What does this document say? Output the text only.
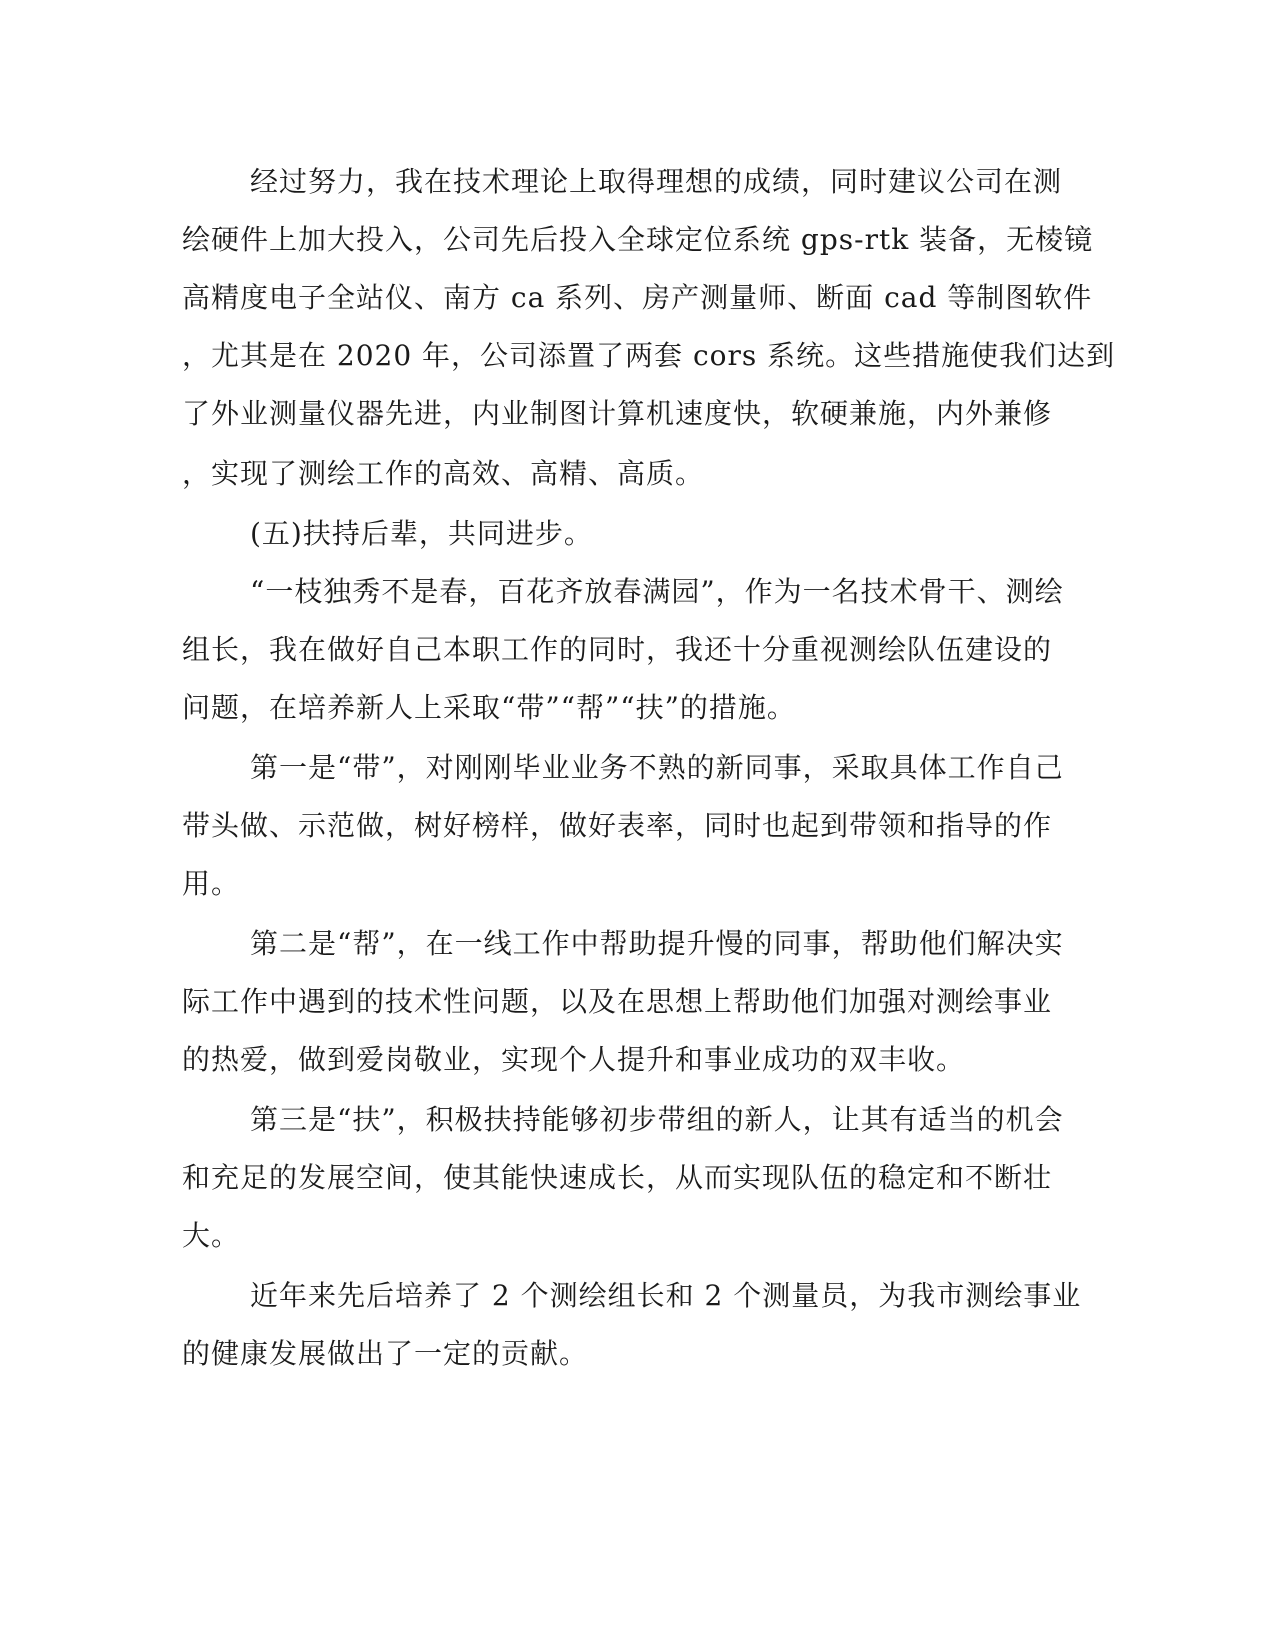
经过努力，我在技术理论上取得理想的成绩，同时建议公司在测
绘硬件上加大投入，公司先后投入全球定位系统 gps-rtk 装备，无棱镜
高精度电子全站仪、南方 ca 系列、房产测量师、断面 cad 等制图软件
，尤其是在 2020 年，公司添置了两套 cors 系统。这些措施使我们达到
了外业测量仪器先进，内业制图计算机速度快，软硬兼施，内外兼修
，实现了测绘工作的高效、高精、高质。
(五)扶持后辈，共同进步。
“一枝独秀不是春，百花齐放春满园”，作为一名技术骨干、测绘
组长，我在做好自己本职工作的同时，我还十分重视测绘队伍建设的
问题，在培养新人上采取“带”“帮”“扶”的措施。
第一是“带”，对刚刚毕业业务不熟的新同事，采取具体工作自己
带头做、示范做，树好榜样，做好表率，同时也起到带领和指导的作
用。
第二是“帮”，在一线工作中帮助提升慢的同事，帮助他们解决实
际工作中遇到的技术性问题，以及在思想上帮助他们加强对测绘事业
的热爱，做到爱岗敬业，实现个人提升和事业成功的双丰收。
第三是“扶”，积极扶持能够初步带组的新人，让其有适当的机会
和充足的发展空间，使其能快速成长，从而实现队伍的稳定和不断壮
大。
近年来先后培养了 2 个测绘组长和 2 个测量员，为我市测绘事业
的健康发展做出了一定的贡献。
